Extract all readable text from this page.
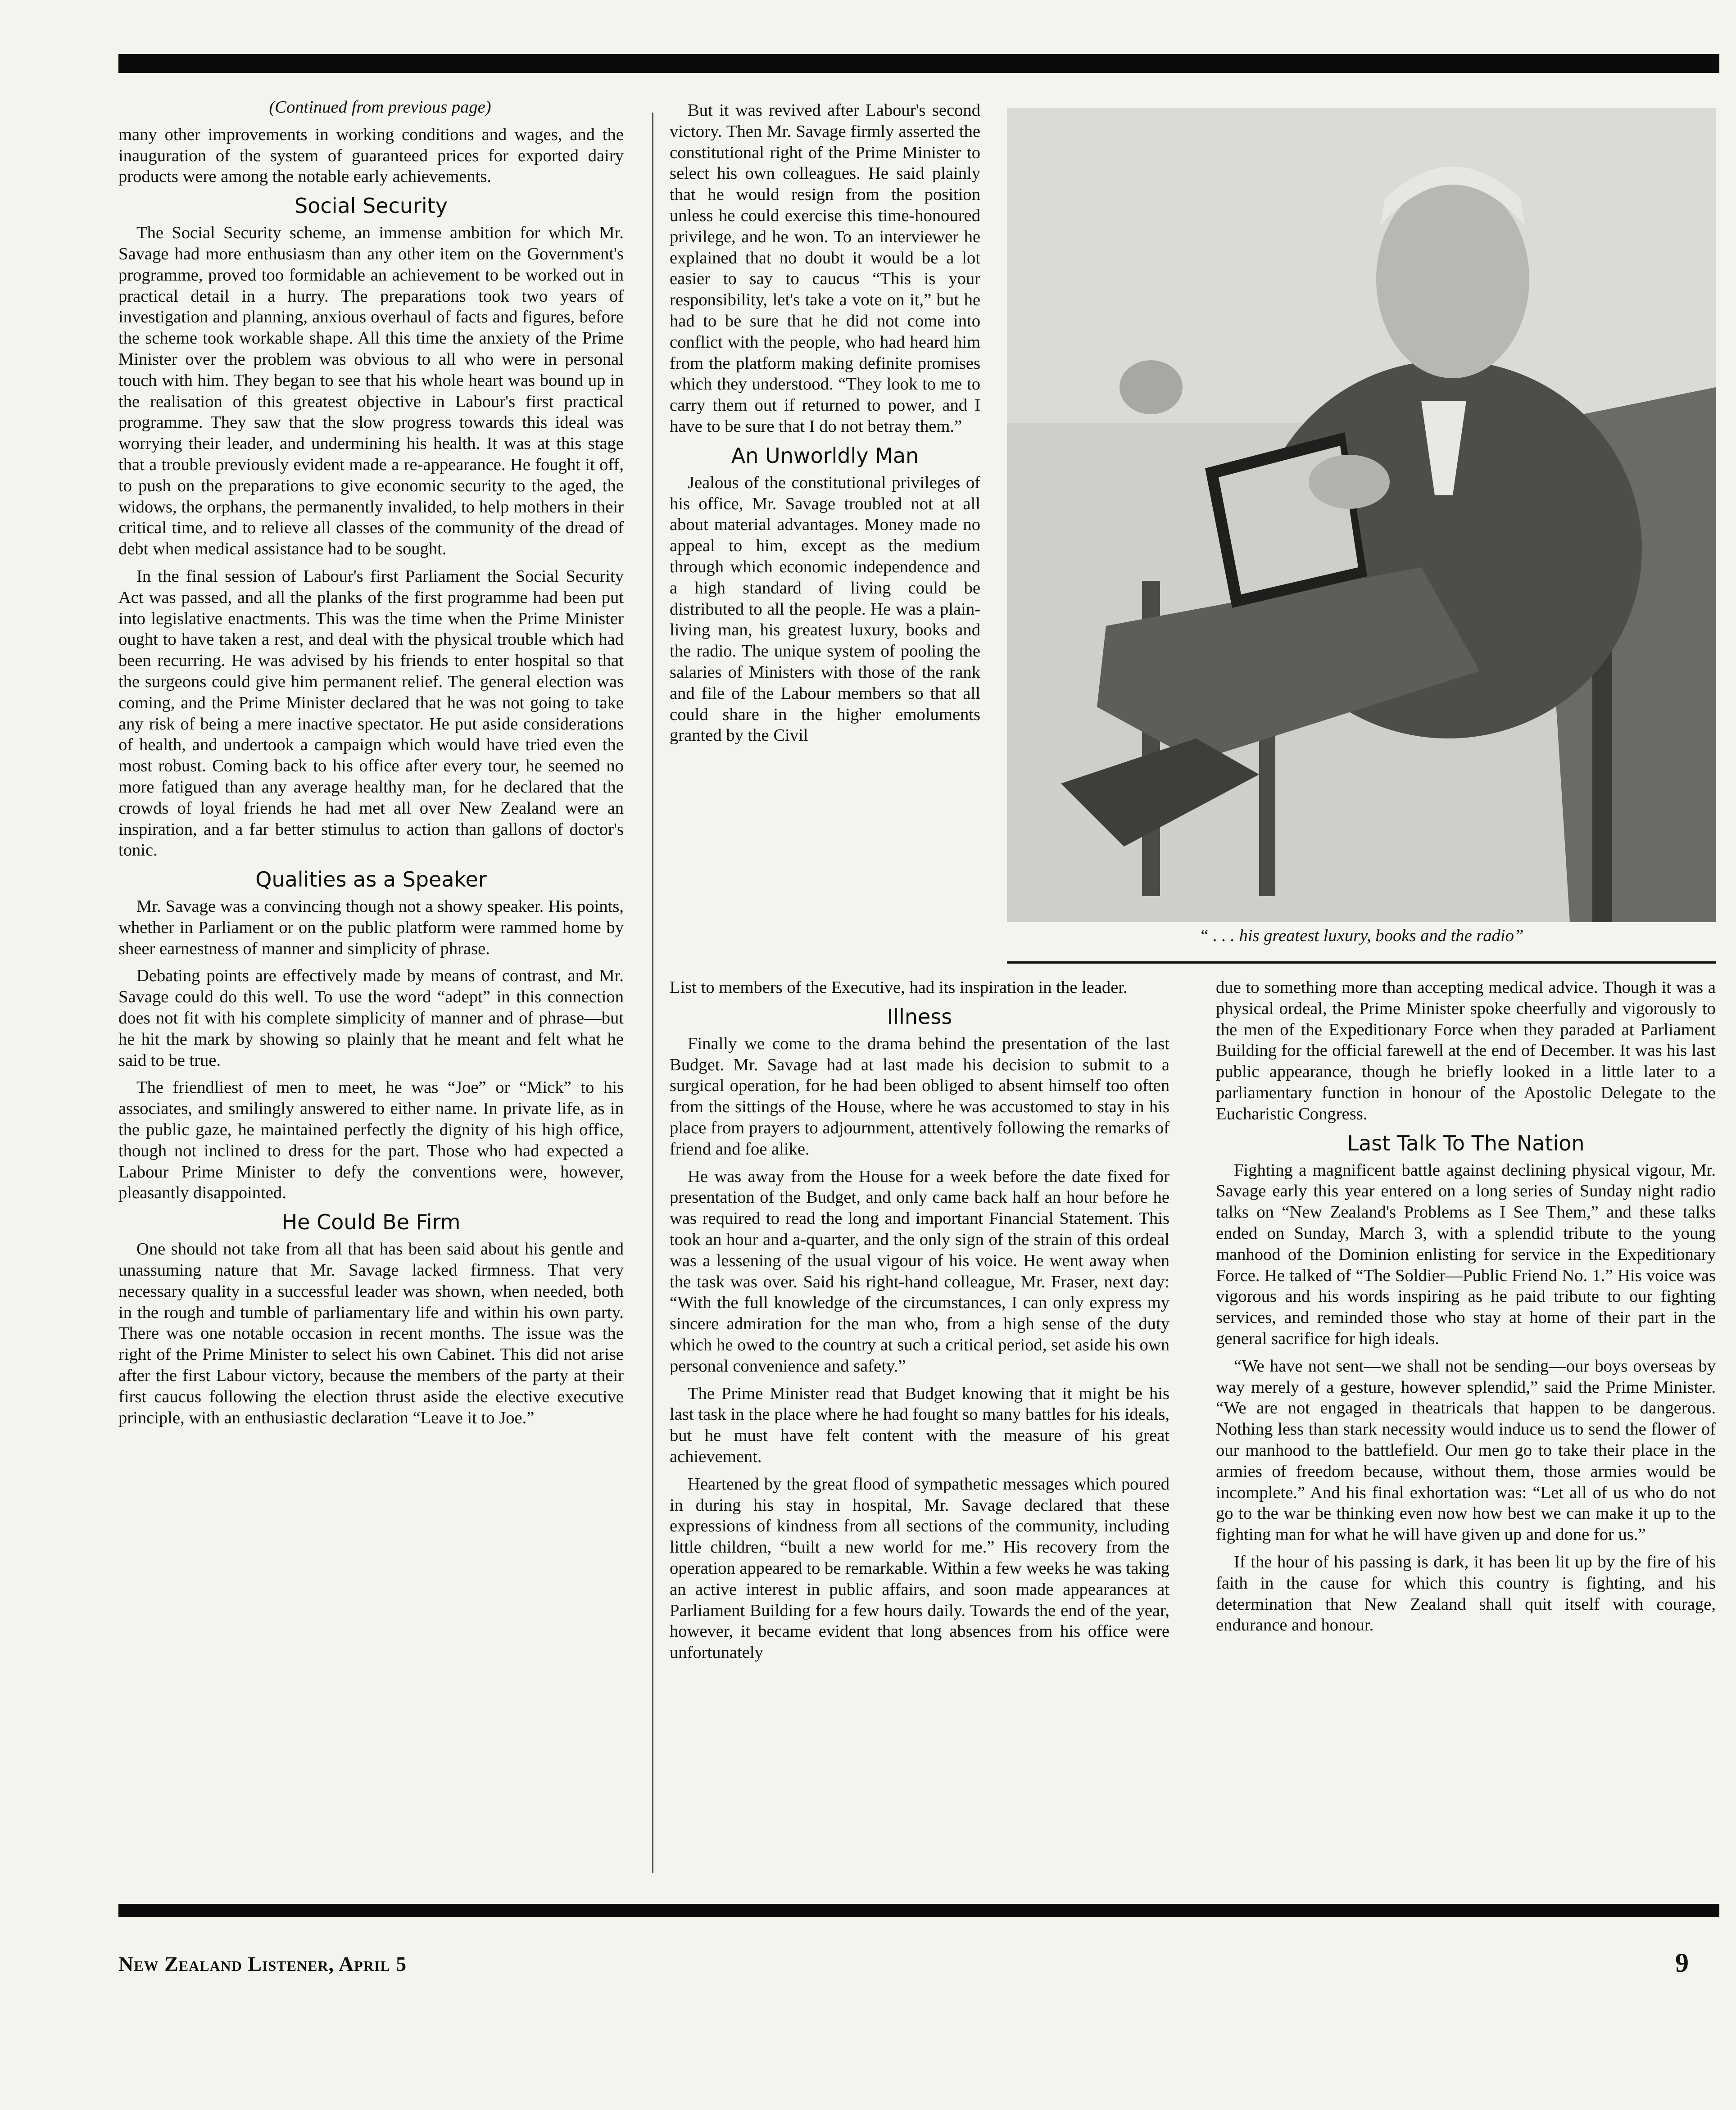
(Continued from previous page)

many other improvements in working conditions and wages, and the inauguration of the system of guaranteed prices for exported dairy products were among the notable early achievements.

Social Security

The Social Security scheme, an immense ambition for which Mr. Savage had more enthusiasm than any other item on the Government's programme, proved too formidable an achievement to be worked out in practical detail in a hurry. The preparations took two years of investigation and planning, anxious overhaul of facts and figures, before the scheme took workable shape. All this time the anxiety of the Prime Minister over the problem was obvious to all who were in personal touch with him. They began to see that his whole heart was bound up in the realisation of this greatest objective in Labour's first practical programme. They saw that the slow progress towards this ideal was worrying their leader, and undermining his health. It was at this stage that a trouble previously evident made a re-appearance. He fought it off, to push on the preparations to give economic security to the aged, the widows, the orphans, the permanently invalided, to help mothers in their critical time, and to relieve all classes of the community of the dread of debt when medical assistance had to be sought.

In the final session of Labour's first Parliament the Social Security Act was passed, and all the planks of the first programme had been put into legislative enactments. This was the time when the Prime Minister ought to have taken a rest, and deal with the physical trouble which had been recurring. He was advised by his friends to enter hospital so that the surgeons could give him permanent relief. The general election was coming, and the Prime Minister declared that he was not going to take any risk of being a mere inactive spectator. He put aside considerations of health, and undertook a campaign which would have tried even the most robust. Coming back to his office after every tour, he seemed no more fatigued than any average healthy man, for he declared that the crowds of loyal friends he had met all over New Zealand were an inspiration, and a far better stimulus to action than gallons of doctor's tonic.

Qualities as a Speaker

Mr. Savage was a convincing though not a showy speaker. His points, whether in Parliament or on the public platform were rammed home by sheer earnestness of manner and simplicity of phrase.

Debating points are effectively made by means of contrast, and Mr. Savage could do this well. To use the word “adept” in this connection does not fit with his complete simplicity of manner and of phrase—but he hit the mark by showing so plainly that he meant and felt what he said to be true.

The friendliest of men to meet, he was “Joe” or “Mick” to his associates, and smilingly answered to either name. In private life, as in the public gaze, he maintained perfectly the dignity of his high office, though not inclined to dress for the part. Those who had expected a Labour Prime Minister to defy the conventions were, however, pleasantly disappointed.

He Could Be Firm

One should not take from all that has been said about his gentle and unassuming nature that Mr. Savage lacked firmness. That very necessary quality in a successful leader was shown, when needed, both in the rough and tumble of parliamentary life and within his own party. There was one notable occasion in recent months. The issue was the right of the Prime Minister to select his own Cabinet. This did not arise after the first Labour victory, because the members of the party at their first caucus following the election thrust aside the elective executive principle, with an enthusiastic declaration “Leave it to Joe.”

But it was revived after Labour's second victory. Then Mr. Savage firmly asserted the constitutional right of the Prime Minister to select his own colleagues. He said plainly that he would resign from the position unless he could exercise this time-honoured privilege, and he won. To an interviewer he explained that no doubt it would be a lot easier to say to caucus “This is your responsibility, let's take a vote on it,” but he had to be sure that he did not come into conflict with the people, who had heard him from the platform making definite promises which they understood. “They look to me to carry them out if returned to power, and I have to be sure that I do not betray them.”

An Unworldly Man

Jealous of the constitutional privileges of his office, Mr. Savage troubled not at all about material advantages. Money made no appeal to him, except as the medium through which economic independence and a high standard of living could be distributed to all the people. He was a plain-living man, his greatest luxury, books and the radio. The unique system of pooling the salaries of Ministers with those of the rank and file of the Labour members so that all could share in the higher emoluments granted by the Civil

List to members of the Executive, had its inspiration in the leader.

Illness

Finally we come to the drama behind the presentation of the last Budget. Mr. Savage had at last made his decision to submit to a surgical operation, for he had been obliged to absent himself too often from the sittings of the House, where he was accustomed to stay in his place from prayers to adjournment, attentively following the remarks of friend and foe alike.

He was away from the House for a week before the date fixed for presentation of the Budget, and only came back half an hour before he was required to read the long and important Financial Statement. This took an hour and a-quarter, and the only sign of the strain of this ordeal was a lessening of the usual vigour of his voice. He went away when the task was over. Said his right-hand colleague, Mr. Fraser, next day: “With the full knowledge of the circumstances, I can only express my sincere admiration for the man who, from a high sense of the duty which he owed to the country at such a critical period, set aside his own personal convenience and safety.”

The Prime Minister read that Budget knowing that it might be his last task in the place where he had fought so many battles for his ideals, but he must have felt content with the measure of his great achievement.

Heartened by the great flood of sympathetic messages which poured in during his stay in hospital, Mr. Savage declared that these expressions of kindness from all sections of the community, including little children, “built a new world for me.” His recovery from the operation appeared to be remarkable. Within a few weeks he was taking an active interest in public affairs, and soon made appearances at Parliament Building for a few hours daily. Towards the end of the year, however, it became evident that long absences from his office were unfortunately

“ . . . his greatest luxury, books and the radio”

due to something more than accepting medical advice. Though it was a physical ordeal, the Prime Minister spoke cheerfully and vigorously to the men of the Expeditionary Force when they paraded at Parliament Building for the official farewell at the end of December. It was his last public appearance, though he briefly looked in a little later to a parliamentary function in honour of the Apostolic Delegate to the Eucharistic Congress.

Last Talk To The Nation

Fighting a magnificent battle against declining physical vigour, Mr. Savage early this year entered on a long series of Sunday night radio talks on “New Zealand's Problems as I See Them,” and these talks ended on Sunday, March 3, with a splendid tribute to the young manhood of the Dominion enlisting for service in the Expeditionary Force. He talked of “The Soldier—Public Friend No. 1.” His voice was vigorous and his words inspiring as he paid tribute to our fighting services, and reminded those who stay at home of their part in the general sacrifice for high ideals.

“We have not sent—we shall not be sending—our boys overseas by way merely of a gesture, however splendid,” said the Prime Minister. “We are not engaged in theatricals that happen to be dangerous. Nothing less than stark necessity would induce us to send the flower of our manhood to the battlefield. Our men go to take their place in the armies of freedom because, without them, those armies would be incomplete.” And his final exhortation was: “Let all of us who do not go to the war be thinking even now how best we can make it up to the fighting man for what he will have given up and done for us.”

If the hour of his passing is dark, it has been lit up by the fire of his faith in the cause for which this country is fighting, and his determination that New Zealand shall quit itself with courage, endurance and honour.

New Zealand Listener, April 5	9
